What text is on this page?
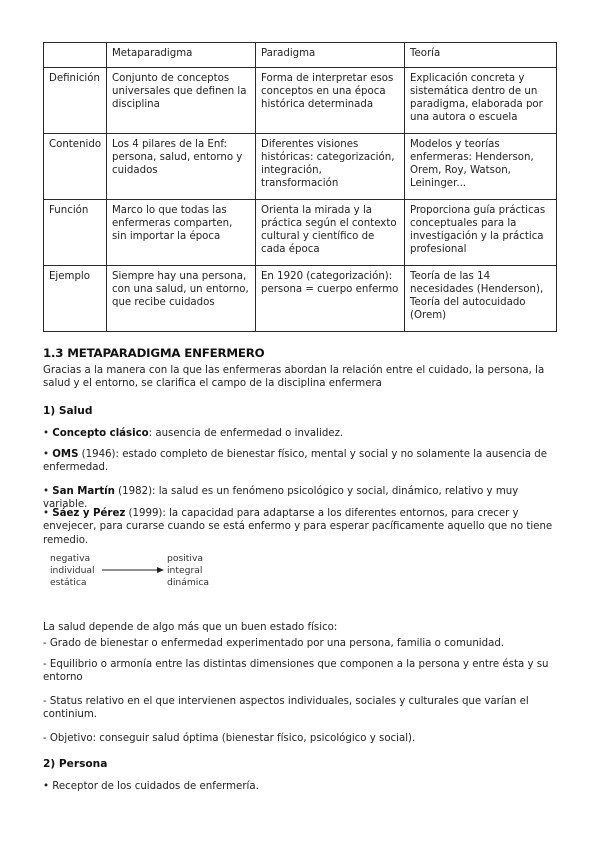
	Metaparadigma	Paradigma	Teoría
Definición	Conjunto de conceptos universales que definen la disciplina	Forma de interpretar esos conceptos en una época histórica determinada	Explicación concreta y sistemática dentro de un paradigma, elaborada por una autora o escuela
Contenido	Los 4 pilares de la Enf: persona, salud, entorno y cuidados	Diferentes visiones históricas: categorización, integración, transformación	Modelos y teorías enfermeras: Henderson, Orem, Roy, Watson, Leininger...
Función	Marco lo que todas las enfermeras comparten, sin importar la época	Orienta la mirada y la práctica según el contexto cultural y científico de cada época	Proporciona guía prácticas conceptuales para la investigación y la práctica profesional
Ejemplo	Siempre hay una persona, con una salud, un entorno, que recibe cuidados	En 1920 (categorización): persona = cuerpo enfermo	Teoría de las 14 necesidades (Henderson), Teoría del autocuidado (Orem)
1.3 METAPARADIGMA ENFERMERO

Gracias a la manera con la que las enfermeras abordan la relación entre el cuidado, la persona, la salud y el entorno, se clarifica el campo de la disciplina enfermera

1) Salud
• Concepto clásico: ausencia de enfermedad o invalidez.
• OMS (1946): estado completo de bienestar físico, mental y social y no solamente la ausencia de enfermedad.
• San Martín (1982): la salud es un fenómeno psicológico y social, dinámico, relativo y muy variable.
• Sáez y Pérez (1999): la capacidad para adaptarse a los diferentes entornos, para crecer y envejecer, para curarse cuando se está enfermo y para esperar pacíficamente aquello que no tiene remedio.
negativa
individual
estática
positiva
integral
dinámica

La salud depende de algo más que un buen estado físico:

- Grado de bienestar o enfermedad experimentado por una persona, familia o comunidad.

- Equilibrio o armonía entre las distintas dimensiones que componen a la persona y entre ésta y su entorno

- Status relativo en el que intervienen aspectos individuales, sociales y culturales que varían el continium.

- Objetivo: conseguir salud óptima (bienestar físico, psicológico y social).

2) Persona
• Receptor de los cuidados de enfermería.
